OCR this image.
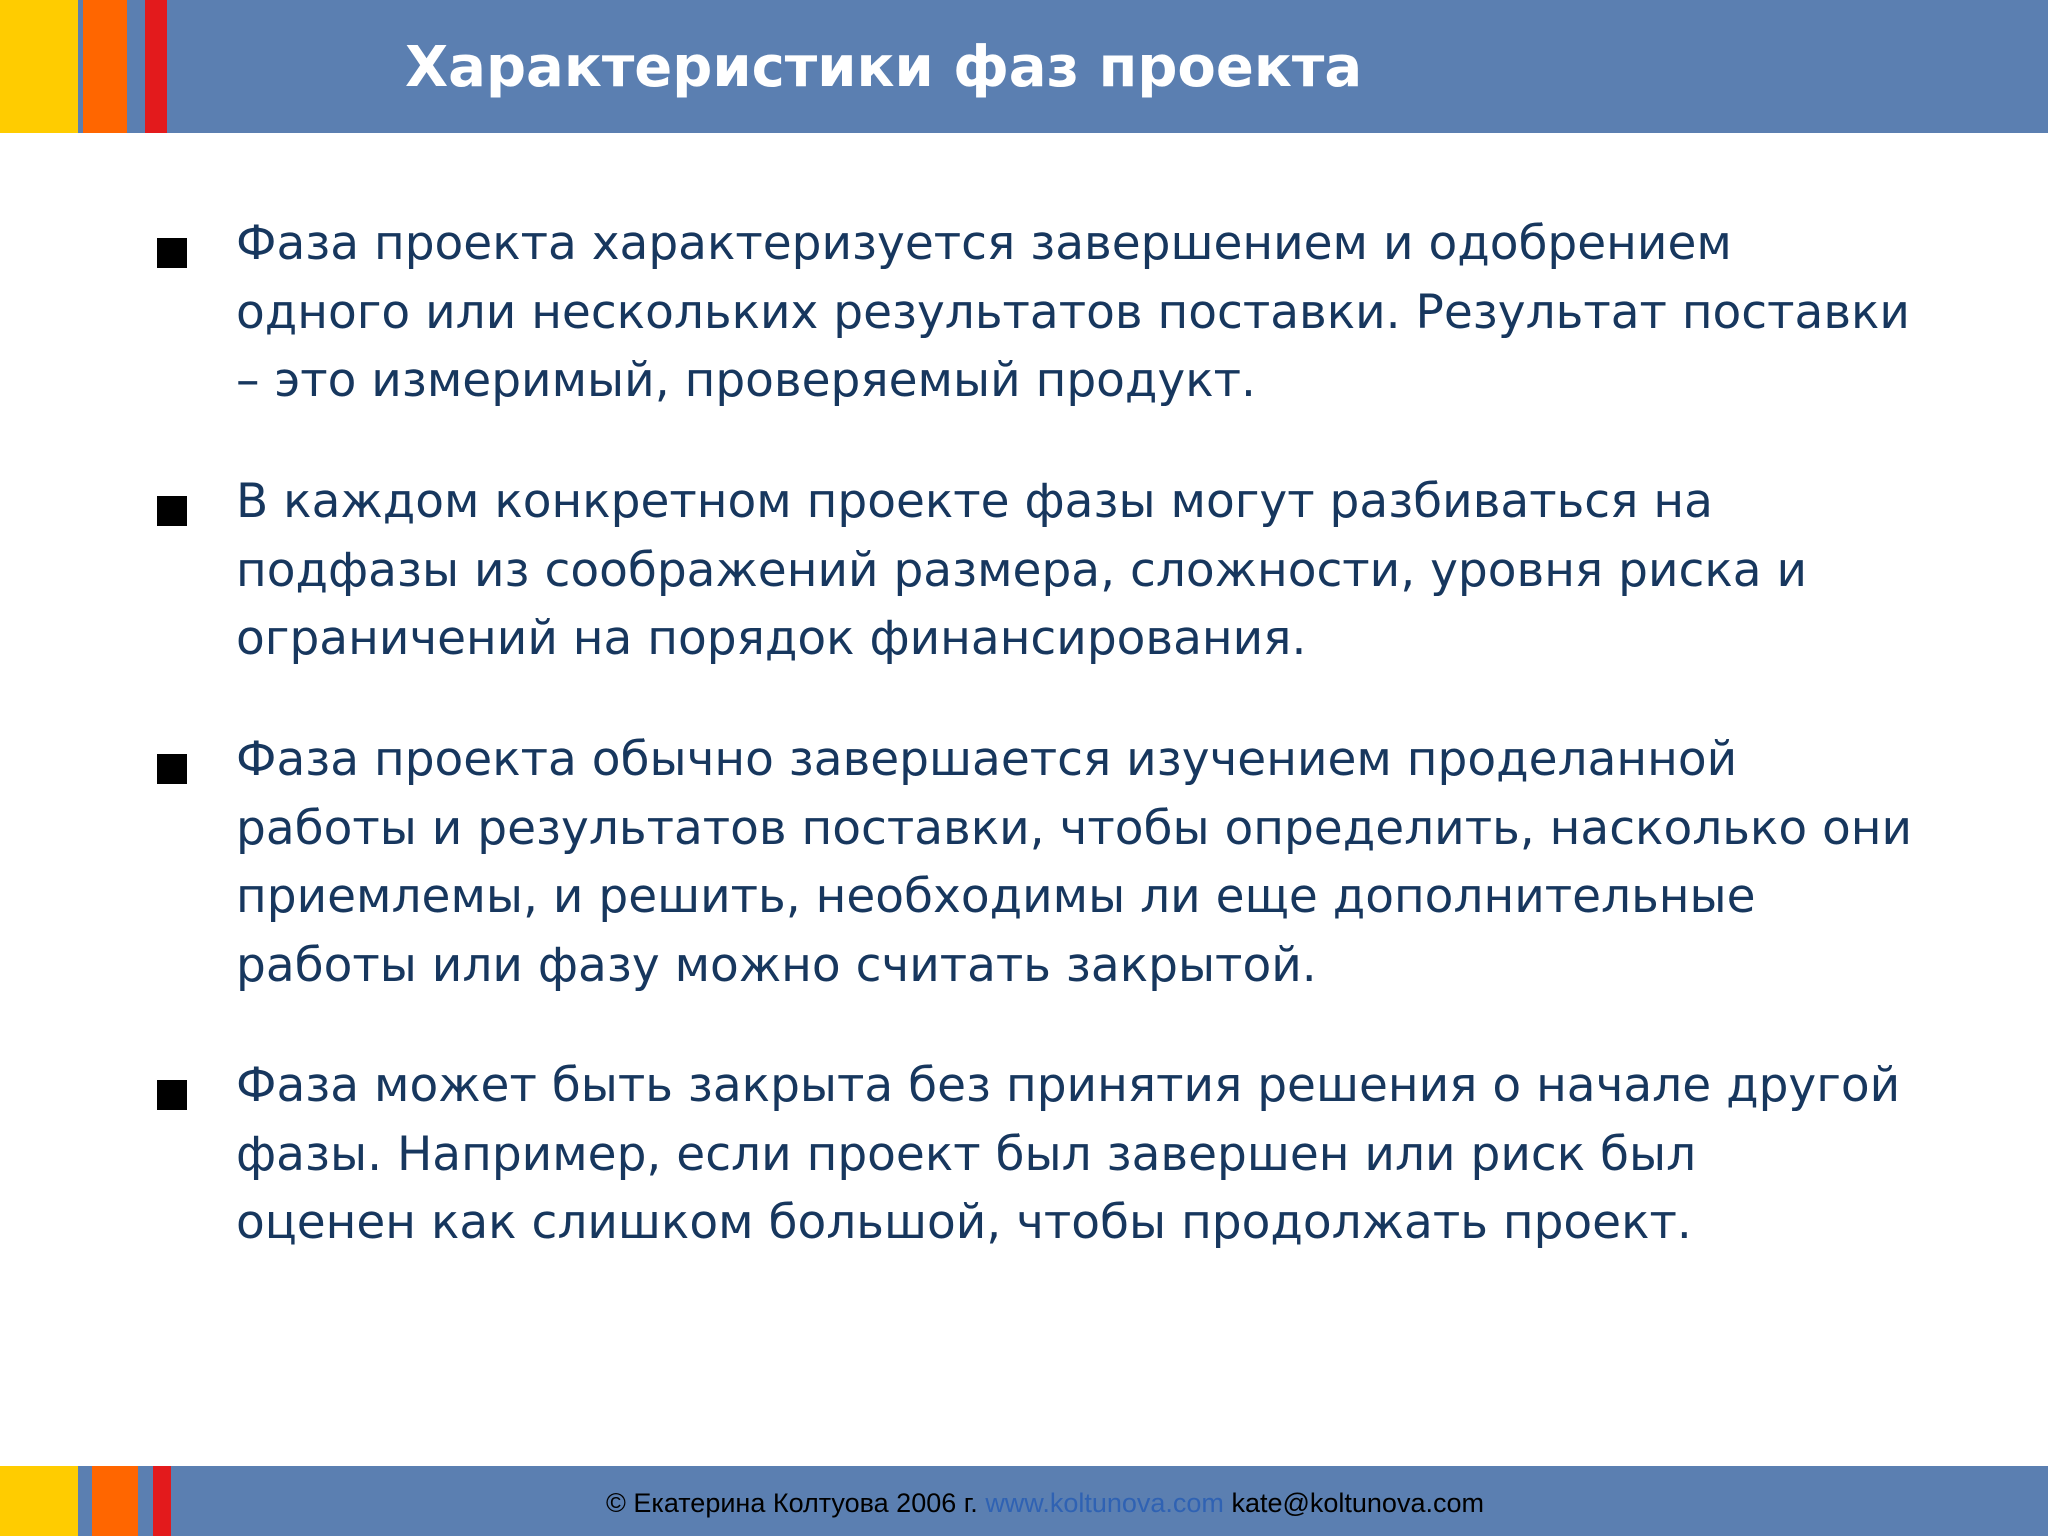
Характеристики фаз проекта

Фаза проекта характеризуется завершением и одобрением
одного или нескольких результатов поставки. Результат поставки
– это измеримый, проверяемый продукт.

В каждом конкретном проекте фазы могут разбиваться на
подфазы из соображений размера, сложности, уровня риска и
ограничений на порядок финансирования.

Фаза проекта обычно завершается изучением проделанной
работы и результатов поставки, чтобы определить, насколько они
приемлемы, и решить, необходимы ли еще дополнительные
работы или фазу можно считать закрытой.

Фаза может быть закрыта без принятия решения о начале другой
фазы. Например, если проект был завершен или риск был
оценен как слишком большой, чтобы продолжать проект.

© Екатерина Колтуова 2006 г. www.koltunova.com kate@koltunova.com
